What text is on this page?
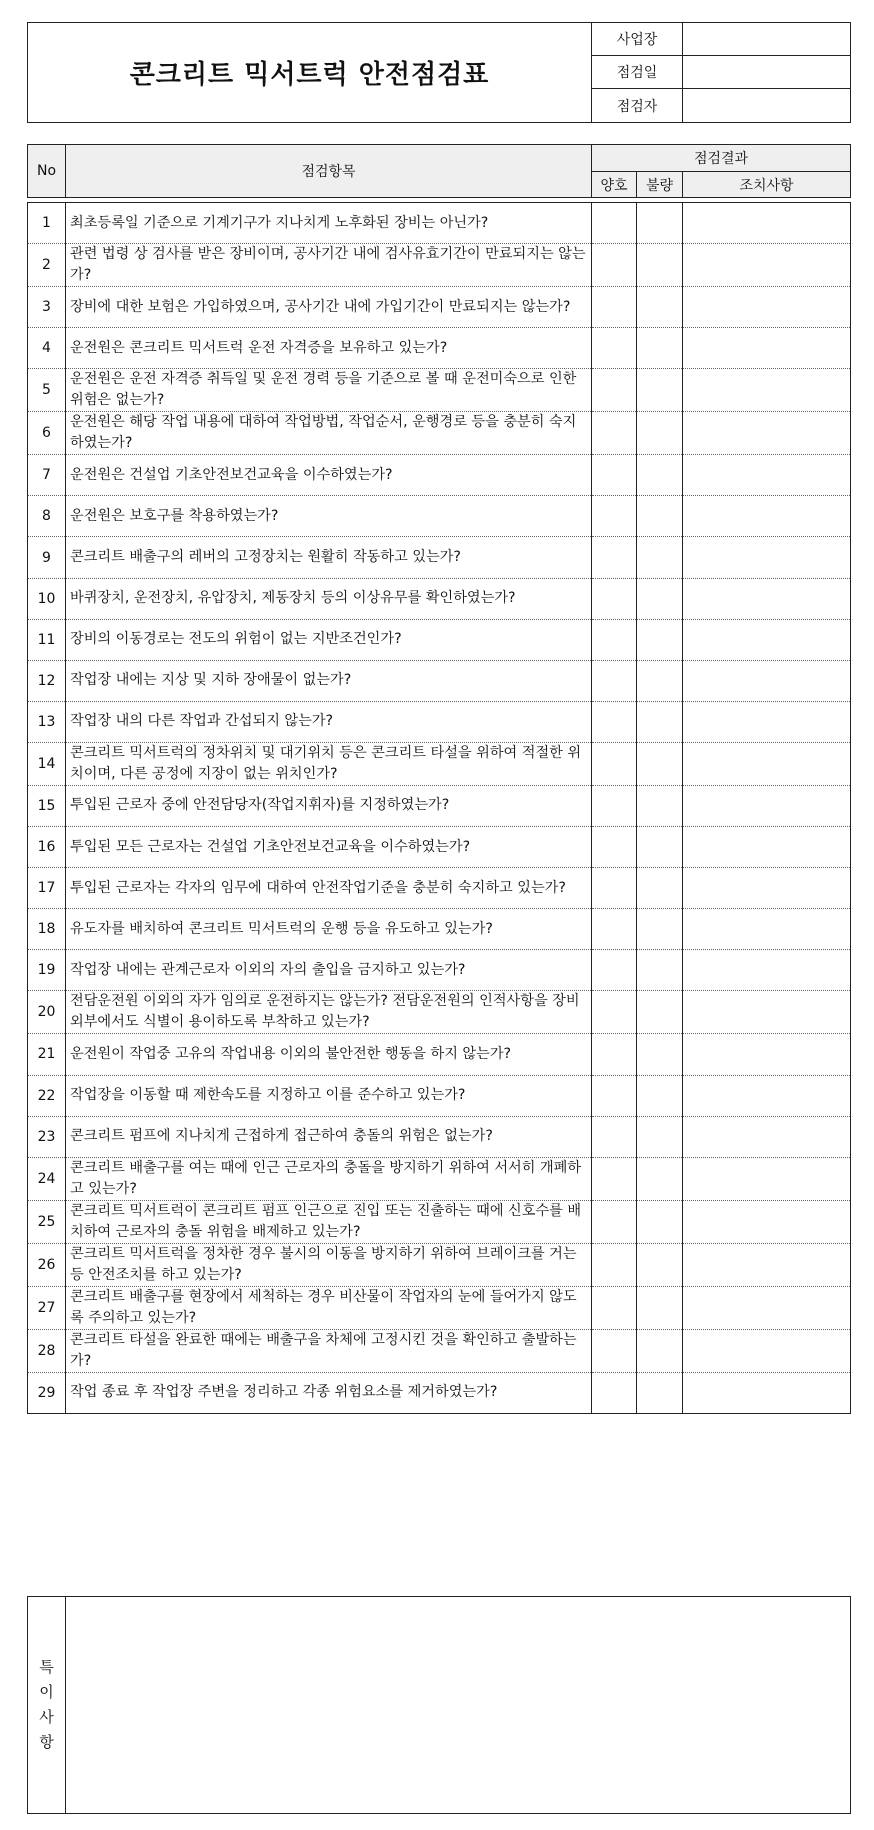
콘크리트 믹서트럭 안전점검표	사업장	
	점검일	
	점검자	
No	점검항목	점검결과		
		양호	불량	조치사항

1	최초등록일 기준으로 기계기구가 지나치게 노후화된 장비는 아닌가?			
2	관련 법령 상 검사를 받은 장비이며, 공사기간 내에 검사유효기간이 만료되지는 않는가?			
3	장비에 대한 보험은 가입하였으며, 공사기간 내에 가입기간이 만료되지는 않는가?			
4	운전원은 콘크리트 믹서트럭 운전 자격증을 보유하고 있는가?			
5	운전원은 운전 자격증 취득일 및 운전 경력 등을 기준으로 볼 때 운전미숙으로 인한 위험은 없는가?			
6	운전원은 해당 작업 내용에 대하여 작업방법, 작업순서, 운행경로 등을 충분히 숙지하였는가?			
7	운전원은 건설업 기초안전보건교육을 이수하였는가?			
8	운전원은 보호구를 착용하였는가?			
9	콘크리트 배출구의 레버의 고정장치는 원활히 작동하고 있는가?			
10	바퀴장치, 운전장치, 유압장치, 제동장치 등의 이상유무를 확인하였는가?			
11	장비의 이동경로는 전도의 위험이 없는 지반조건인가?			
12	작업장 내에는 지상 및 지하 장애물이 없는가?			
13	작업장 내의 다른 작업과 간섭되지 않는가?			
14	콘크리트 믹서트럭의 정차위치 및 대기위치 등은 콘크리트 타설을 위하여 적절한 위치이며, 다른 공정에 지장이 없는 위치인가?			
15	투입된 근로자 중에 안전담당자(작업지휘자)를 지정하였는가?			
16	투입된 모든 근로자는 건설업 기초안전보건교육을 이수하였는가?			
17	투입된 근로자는 각자의 임무에 대하여 안전작업기준을 충분히 숙지하고 있는가?			
18	유도자를 배치하여 콘크리트 믹서트럭의 운행 등을 유도하고 있는가?			
19	작업장 내에는 관계근로자 이외의 자의 출입을 금지하고 있는가?			
20	전담운전원 이외의 자가 임의로 운전하지는 않는가? 전담운전원의 인적사항을 장비 외부에서도 식별이 용이하도록 부착하고 있는가?			
21	운전원이 작업중 고유의 작업내용 이외의 불안전한 행동을 하지 않는가?			
22	작업장을 이동할 때 제한속도를 지정하고 이를 준수하고 있는가?			
23	콘크리트 펌프에 지나치게 근접하게 접근하여 충돌의 위험은 없는가?			
24	콘크리트 배출구를 여는 때에 인근 근로자의 충돌을 방지하기 위하여 서서히 개폐하고 있는가?			
25	콘크리트 믹서트럭이 콘크리트 펌프 인근으로 진입 또는 진출하는 때에 신호수를 배치하여 근로자의 충돌 위험을 배제하고 있는가?			
26	콘크리트 믹서트럭을 정차한 경우 불시의 이동을 방지하기 위하여 브레이크를 거는 등 안전조치를 하고 있는가?			
27	콘크리트 배출구를 현장에서 세척하는 경우 비산물이 작업자의 눈에 들어가지 않도록 주의하고 있는가?			
28	콘크리트 타설을 완료한 때에는 배출구을 차체에 고정시킨 것을 확인하고 출발하는가?			
29	작업 종료 후 작업장 주변을 정리하고 각종 위험요소를 제거하였는가?			
특
이
사
항
